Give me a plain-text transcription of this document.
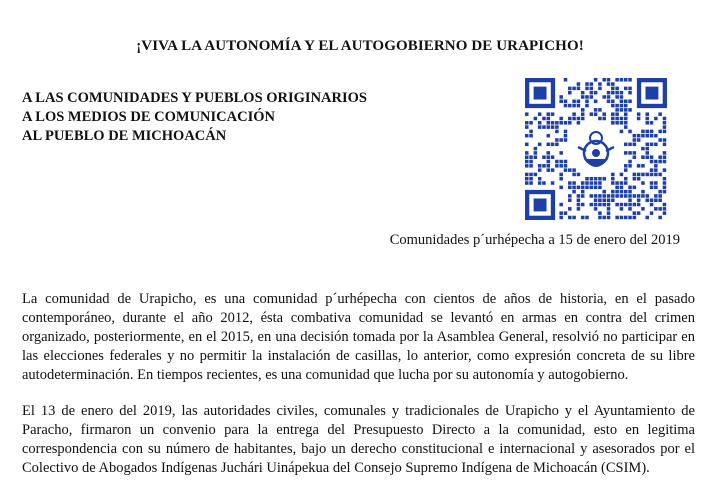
¡VIVA LA AUTONOMÍA Y EL AUTOGOBIERNO DE URAPICHO!
A LAS COMUNIDADES Y PUEBLOS ORIGINARIOS
A LOS MEDIOS DE COMUNICACIÓN
AL PUEBLO DE MICHOACÁN
Comunidades p´urhépecha a 15 de enero del 2019

La comunidad de Urapicho, es una comunidad p´urhépecha con cientos de años de historia, en el pasado contemporáneo, durante el año 2012, ésta combativa comunidad se levantó en armas en contra del crimen organizado, posteriormente, en el 2015, en una decisión tomada por la Asamblea General, resolvió no participar en las elecciones federales y no permitir la instalación de casillas, lo anterior, como expresión concreta de su libre autodeterminación. En tiempos recientes, es una comunidad que lucha por su autonomía y autogobierno.

El 13 de enero del 2019, las autoridades civiles, comunales y tradicionales de Urapicho y el Ayuntamiento de Paracho, firmaron un convenio para la entrega del Presupuesto Directo a la comunidad, esto en legitima correspondencia con su número de habitantes, bajo un derecho constitucional e internacional y asesorados por el Colectivo de Abogados Indígenas Juchári Uinápekua del Consejo Supremo Indígena de Michoacán (CSIM).
